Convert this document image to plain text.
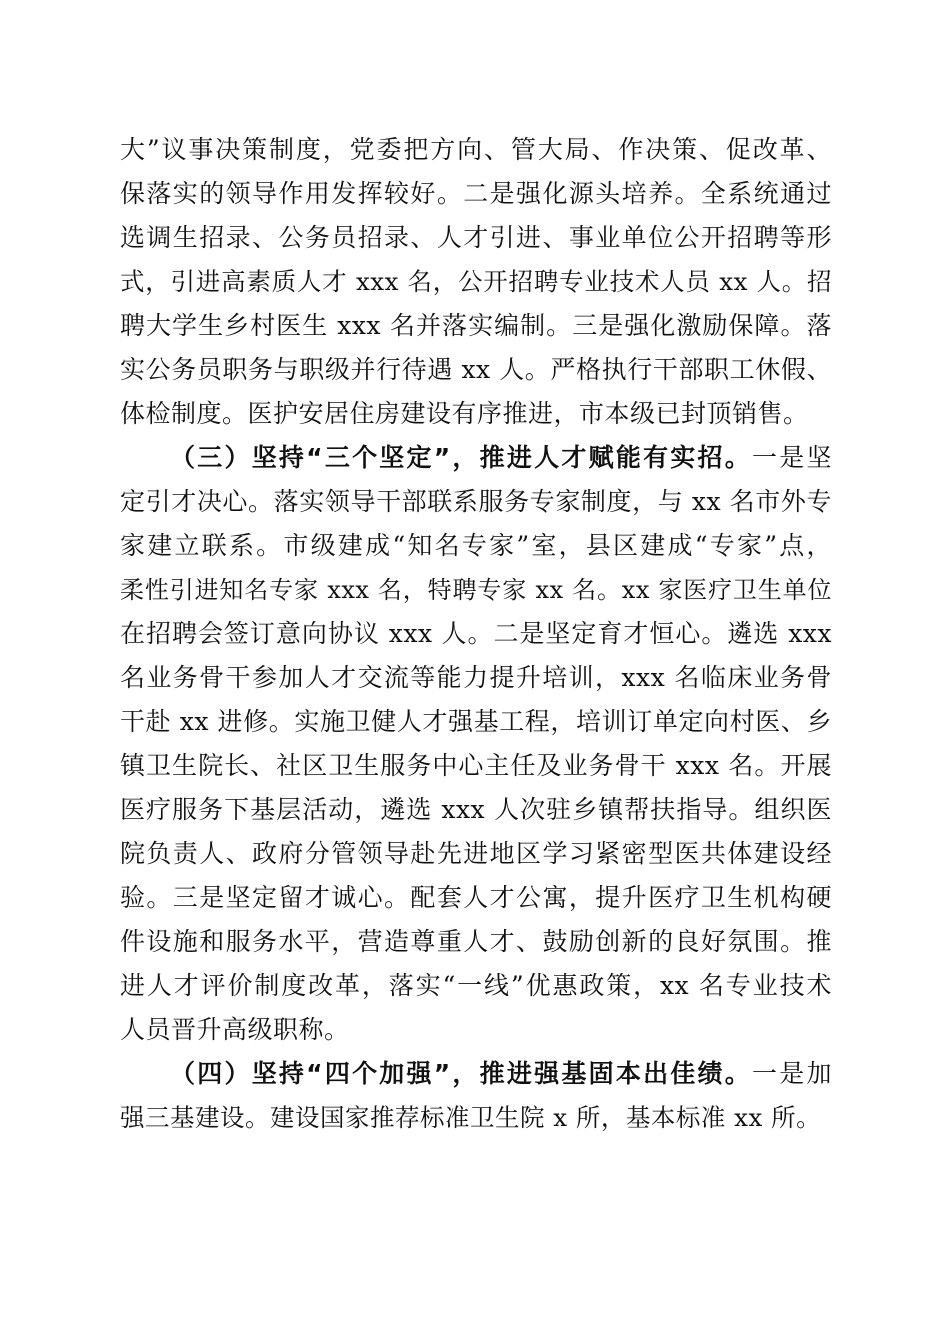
大”议事决策制度，党委把方向、管大局、作决策、促改革、
保落实的领导作用发挥较好。二是强化源头培养。全系统通过
选调生招录、公务员招录、人才引进、事业单位公开招聘等形
式，引进高素质人才 xxx 名，公开招聘专业技术人员 xx 人。招
聘大学生乡村医生 xxx 名并落实编制。三是强化激励保障。落
实公务员职务与职级并行待遇 xx 人。严格执行干部职工休假、
体检制度。医护安居住房建设有序推进，市本级已封顶销售。
（三）坚持“三个坚定”，推进人才赋能有实招。一是坚
定引才决心。落实领导干部联系服务专家制度，与 xx 名市外专
家建立联系。市级建成“知名专家”室，县区建成“专家”点，
柔性引进知名专家 xxx 名，特聘专家 xx 名。xx 家医疗卫生单位
在招聘会签订意向协议 xxx 人。二是坚定育才恒心。遴选 xxx
名业务骨干参加人才交流等能力提升培训，xxx 名临床业务骨
干赴 xx 进修。实施卫健人才强基工程，培训订单定向村医、乡
镇卫生院长、社区卫生服务中心主任及业务骨干 xxx 名。开展
医疗服务下基层活动，遴选 xxx 人次驻乡镇帮扶指导。组织医
院负责人、政府分管领导赴先进地区学习紧密型医共体建设经
验。三是坚定留才诚心。配套人才公寓，提升医疗卫生机构硬
件设施和服务水平，营造尊重人才、鼓励创新的良好氛围。推
进人才评价制度改革，落实“一线”优惠政策，xx 名专业技术
人员晋升高级职称。
（四）坚持“四个加强”，推进强基固本出佳绩。一是加
强三基建设。建设国家推荐标准卫生院 x 所，基本标准 xx 所。
